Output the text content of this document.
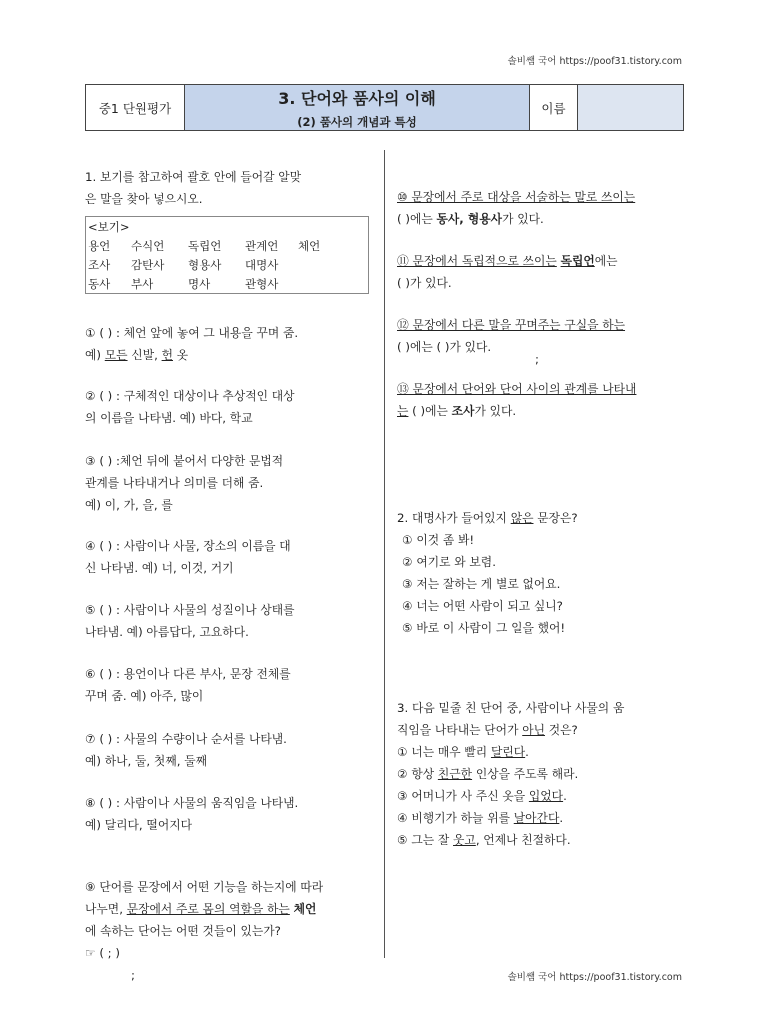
솔비쌤 국어 https://poof31.tistory.com
중1 단원평가	3. 단어와 품사의 이해
(2) 품사의 개념과 특성
	이름	
1. 보기를 참고하여 괄호 안에 들어갈 알맞
은 말을 찾아 넣으시오.
<보기>
용언 수식언 독립언 관계언 체언
조사 감탄사 형용사 대명사
동사 부사	명사	관형사
① ( ) : 체언 앞에 놓여 그 내용을 꾸며 줌.
예) 모든 신발, 헌 옷
② ( ) : 구체적인 대상이나 추상적인 대상
의 이름을 나타냄. 예) 바다, 학교
③ ( ) :체언 뒤에 붙어서 다양한 문법적
관계를 나타내거나 의미를 더해 줌.
예) 이, 가, 을, 를
④ ( ) : 사람이나 사물, 장소의 이름을 대
신 나타냄. 예) 너, 이것, 거기
⑤ ( ) : 사람이나 사물의 성질이나 상태를
나타냄. 예) 아름답다, 고요하다.
⑥ ( ) : 용언이나 다른 부사, 문장 전체를
꾸며 줌. 예) 아주, 많이
⑦ ( ) : 사물의 수량이나 순서를 나타냄.
예) 하나, 둘, 첫째, 둘째
⑧ ( ) : 사람이나 사물의 움직임을 나타냄.
예) 달리다, 떨어지다
⑨ 단어를 문장에서 어떤 기능을 하는지에 따라
나누면, 문장에서 주로 몸의 역할을 하는 체언
에 속하는 단어는 어떤 것들이 있는가?
☞ ( ; )
;
⑩ 문장에서 주로 대상을 서술하는 말로 쓰이는
( )에는 동사, 형용사가 있다.
⑪ 문장에서 독립적으로 쓰이는 독립언에는
( )가 있다.
⑫ 문장에서 다른 말을 꾸며주는 구실을 하는
( )에는 ( )가 있다.
;
⑬ 문장에서 단어와 단어 사이의 관계를 나타내
는 ( )에는 조사가 있다.
2. 대명사가 들어있지 않은 문장은?
① 이것 좀 봐!
② 여기로 와 보렴.
③ 저는 잘하는 게 별로 없어요.
④ 너는 어떤 사람이 되고 싶니?
⑤ 바로 이 사람이 그 일을 했어!
3. 다음 밑줄 친 단어 중, 사람이나 사물의 움
직임을 나타내는 단어가 아닌 것은?
① 너는 매우 빨리 달린다.
② 항상 친근한 인상을 주도록 해라.
③ 어머니가 사 주신 옷을 입었다.
④ 비행기가 하늘 위를 날아간다.
⑤ 그는 잘 웃고, 언제나 친절하다.
솔비쌤 국어 https://poof31.tistory.com
